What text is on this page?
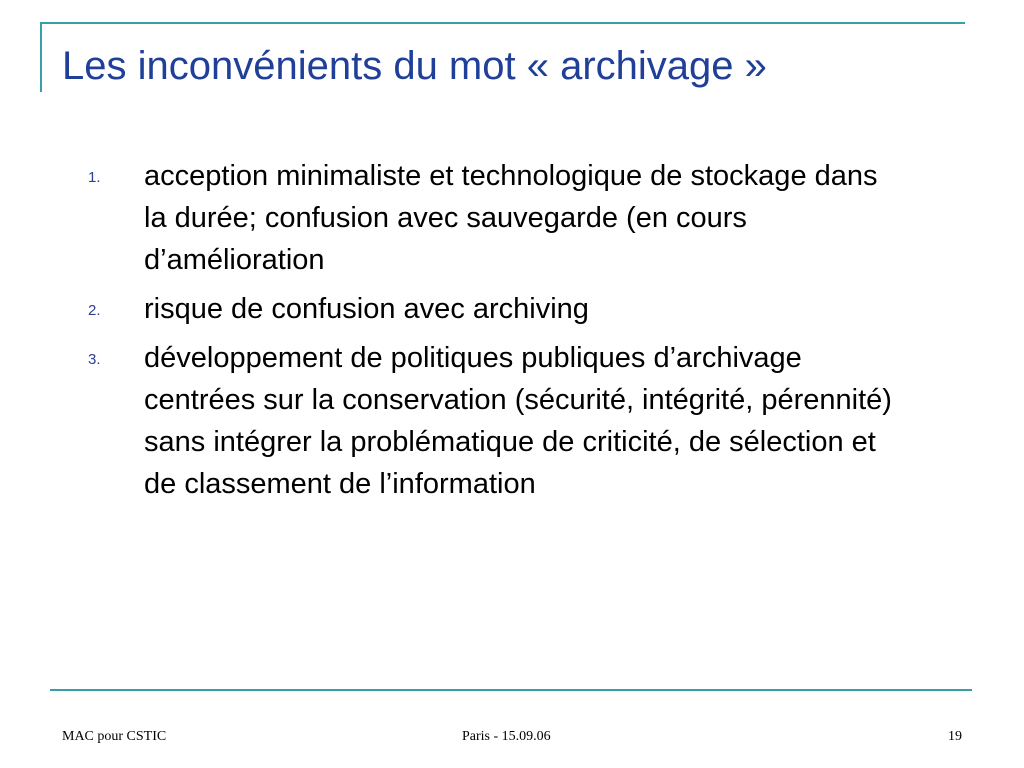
Les inconvénients du mot « archivage »
1. acception minimaliste et technologique de stockage dans la durée; confusion avec sauvegarde (en cours d’amélioration
2. risque de confusion avec archiving
3. développement de politiques publiques d’archivage centrées sur la conservation (sécurité, intégrité, pérennité) sans intégrer la problématique de criticité, de sélection et de classement de l’information
MAC pour CSTIC	Paris - 15.09.06	19
